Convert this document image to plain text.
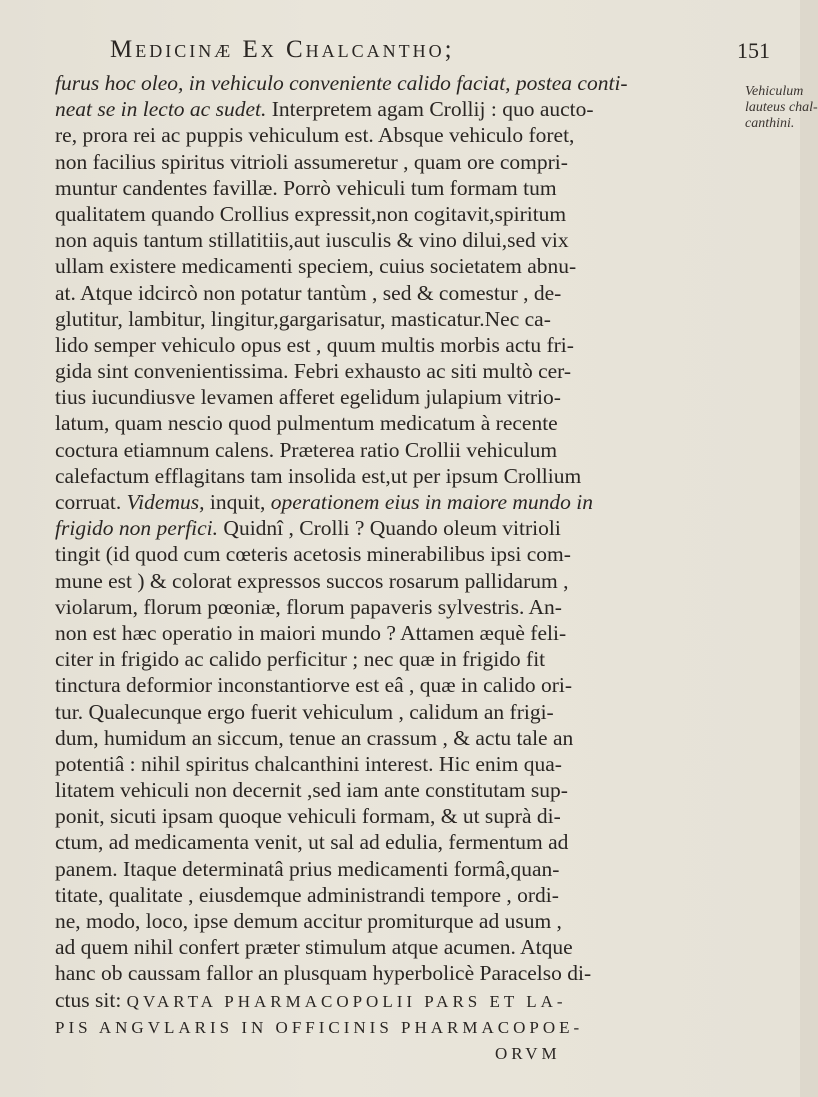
Medicinæ Ex Chalcantho;	151
Vehiculum
lauteus chal-
canthini.
furus hoc oleo, in vehiculo conveniente calido faciat, postea conti-
neat se in lecto ac sudet. Interpretem agam Crollij : quo aucto-
re, prora rei ac puppis vehiculum est. Absque vehiculo foret,
non facilius spiritus vitrioli assumeretur , quam ore compri-
muntur candentes favillæ. Porrò vehiculi tum formam tum
qualitatem quando Crollius expressit,non cogitavit,spiritum
non aquis tantum stillatitiis,aut iusculis & vino dilui,sed vix
ullam existere medicamenti speciem, cuius societatem abnu-
at. Atque idcircò non potatur tantùm , sed & comestur , de-
glutitur, lambitur, lingitur,gargarisatur, masticatur.Nec ca-
lido semper vehiculo opus est , quum multis morbis actu fri-
gida sint convenientissima. Febri exhausto ac siti multò cer-
tius iucundiusve levamen afferet egelidum julapium vitrio-
latum, quam nescio quod pulmentum medicatum à recente
coctura etiamnum calens. Præterea ratio Crollii vehiculum
calefactum efflagitans tam insolida est,ut per ipsum Crollium
corruat. Videmus, inquit, operationem eius in maiore mundo in
frigido non perfici. Quidnî , Crolli ? Quando oleum vitrioli
tingit (id quod cum cœteris acetosis minerabilibus ipsi com-
mune est ) & colorat expressos succos rosarum pallidarum ,
violarum, florum pœoniæ, florum papaveris sylvestris. An-
non est hæc operatio in maiori mundo ? Attamen æquè feli-
citer in frigido ac calido perficitur ; nec quæ in frigido fit
tinctura deformior inconstantiorve est eâ , quæ in calido ori-
tur. Qualecunque ergo fuerit vehiculum , calidum an frigi-
dum, humidum an siccum, tenue an crassum , & actu tale an
potentiâ : nihil spiritus chalcanthini interest. Hic enim qua-
litatem vehiculi non decernit ,sed iam ante constitutam sup-
ponit, sicuti ipsam quoque vehiculi formam, & ut suprà di-
ctum, ad medicamenta venit, ut sal ad edulia, fermentum ad
panem. Itaque determinatâ prius medicamenti formâ,quan-
titate, qualitate , eiusdemque administrandi tempore , ordi-
ne, modo, loco, ipse demum accitur promiturque ad usum ,
ad quem nihil confert præter stimulum atque acumen. Atque
hanc ob caussam fallor an plusquam hyperbolicè Paracelso di-
ctus sit: QVARTA PHARMACOPOLII PARS ET LA-
PIS ANGVLARIS IN OFFICINIS PHARMACOPOE-
ORVM
